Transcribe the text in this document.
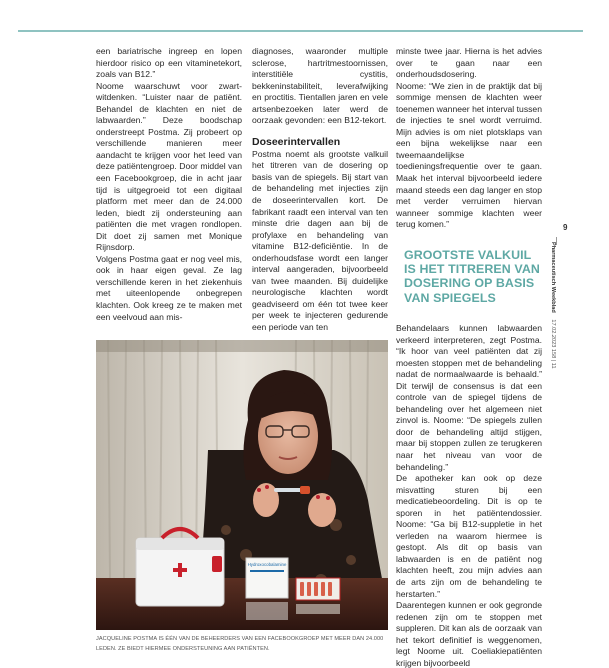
een bariatrische ingreep en lopen hierdoor risico op een vitaminetekort, zoals van B12.”

Noome waarschuwt voor zwart-witdenken. “Luister naar de patiënt. Behandel de klachten en niet de labwaarden.” Deze boodschap onderstreept Postma. Zij probeert op verschillende manieren meer aandacht te krijgen voor het leed van deze patiëntengroep. Door middel van een Facebookgroep, die in acht jaar tijd is uitgegroeid tot een digitaal platform met meer dan de 24.000 leden, biedt zij ondersteuning aan patiënten die met vragen rondlopen. Dit doet zij samen met Monique Rijnsdorp.

Volgens Postma gaat er nog veel mis, ook in haar eigen geval. Ze lag verschillende keren in het ziekenhuis met uiteenlopende onbegrepen klachten. Ook kreeg ze te maken met een veelvoud aan mis-

diagnoses, waaronder multiple sclerose, hartritmestoornissen, interstitiële cystitis, bekkeninstabiliteit, leverafwijking en proctitis. Tientallen jaren en vele artsenbezoeken later werd de oorzaak gevonden: een B12-tekort.

Doseerintervallen

Postma noemt als grootste valkuil het titreren van de dosering op basis van de spiegels. Bij start van de behandeling met injecties zijn de doseerintervallen kort. De fabrikant raadt een interval van ten minste drie dagen aan bij de profylaxe en behandeling van vitamine B12-deficiëntie. In de onderhoudsfase wordt een langer interval aangeraden, bijvoorbeeld van twee maanden. Bij duidelijke neurologische klachten wordt geadviseerd om één tot twee keer per week te injecteren gedurende een periode van ten

minste twee jaar. Hierna is het advies over te gaan naar een onderhoudsdosering.
Noome: “We zien in de praktijk dat bij sommige mensen de klachten weer toenemen wanneer het interval tussen de injecties te snel wordt verruimd. Mijn advies is om niet plotsklaps van een bijna wekelijkse naar een tweemaandelijkse toedieningsfrequentie over te gaan. Maak het interval bijvoorbeeld iedere maand steeds een dag langer en stop met verder verruimen hiervan wanneer sommige klachten weer terug komen.”

GROOTSTE VALKUIL IS HET TITREREN VAN DOSERING OP BASIS VAN SPIEGELS

Behandelaars kunnen labwaarden verkeerd interpreteren, zegt Postma. “Ik hoor van veel patiënten dat zij moesten stoppen met de behandeling nadat de normaalwaarde is behaald.” Dit terwijl de consensus is dat een controle van de spiegel tijdens de behandeling over het algemeen niet zinvol is. Noome: “De spiegels zullen door de behandeling altijd stijgen, maar bij stoppen zullen ze terugkeren naar het niveau van voor de behandeling.”

De apotheker kan ook op deze misvatting sturen bij een medicatiebeoordeling. Dit is op te sporen in het patiëntendossier. Noome: “Ga bij B12-suppletie in het verleden na waarom hiermee is gestopt. Als dit op basis van labwaarden is en de patiënt nog klachten heeft, zou mijn advies aan de arts zijn om de behandeling te herstarten.”

Daarentegen kunnen er ook gegronde redenen zijn om te stoppen met suppleren. Dit kan als de oorzaak van het tekort definitief is weggenomen, legt Noome uit. Coeliakiepatiënten krijgen bijvoorbeeld

Hydroxocobalamine
JACQUELINE POSTMA IS ÉÉN VAN DE BEHEERDERS VAN EEN FACEBOOKGROEP MET MEER DAN 24.000 LEDEN. ZE BIEDT HIERMEE ONDERSTEUNING AAN PATIËNTEN.
9
Pharmaceutisch Weekblad 17.02.2023 158 | 11
